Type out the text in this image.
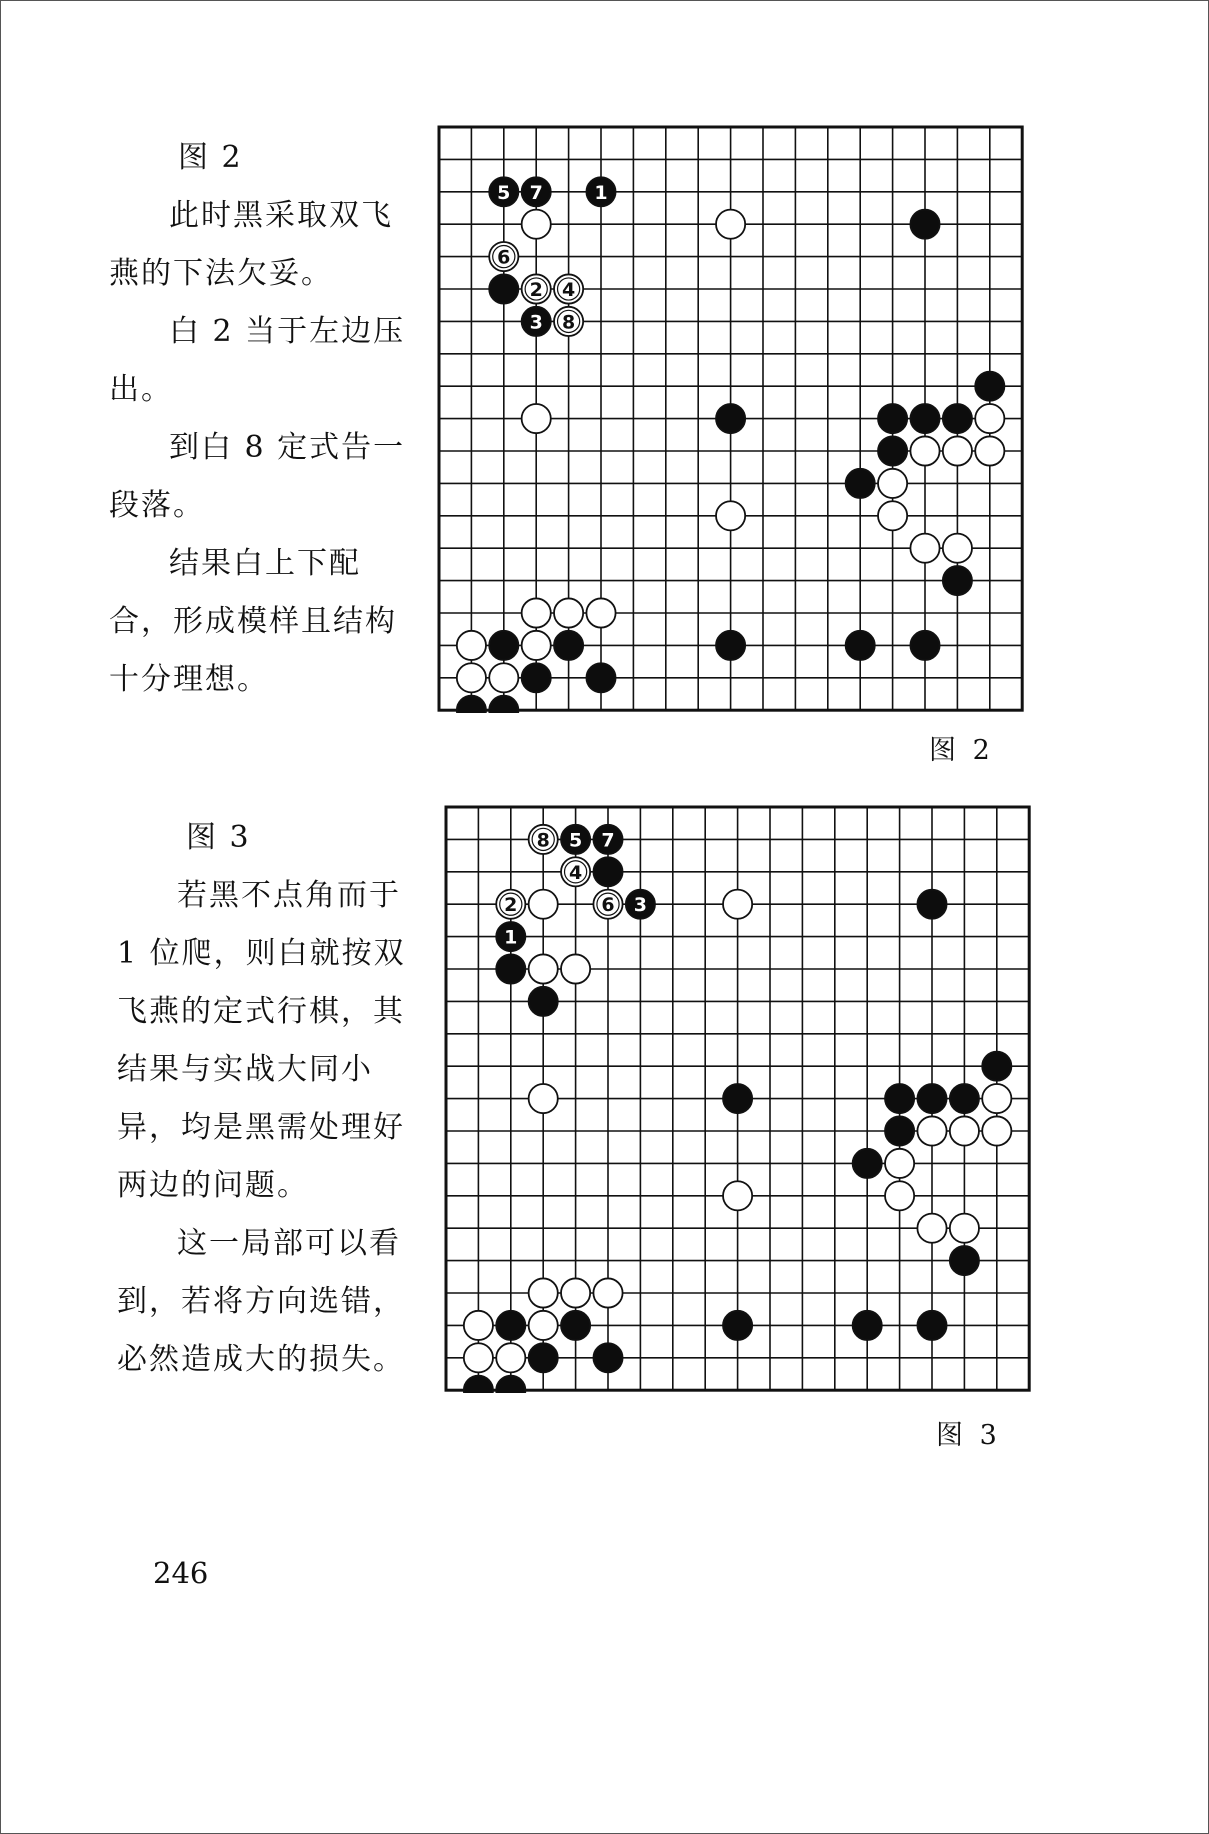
图 2

此时黑采取双飞燕的下法欠妥。

白 2 当于左边压出。

到白 8 定式告一段落。

结果白上下配合，形成模样且结构十分理想。

5 7	1
6
2 4
3 8
图 2

图 3

若黑不点角而于 1 位爬，则白就按双飞燕的定式行棋，其结果与实战大同小异，均是黑需处理好两边的问题。

这一局部可以看到，若将方向选错，必然造成大的损失。

8 5 7
4
2	6 3
1
图 3
246
